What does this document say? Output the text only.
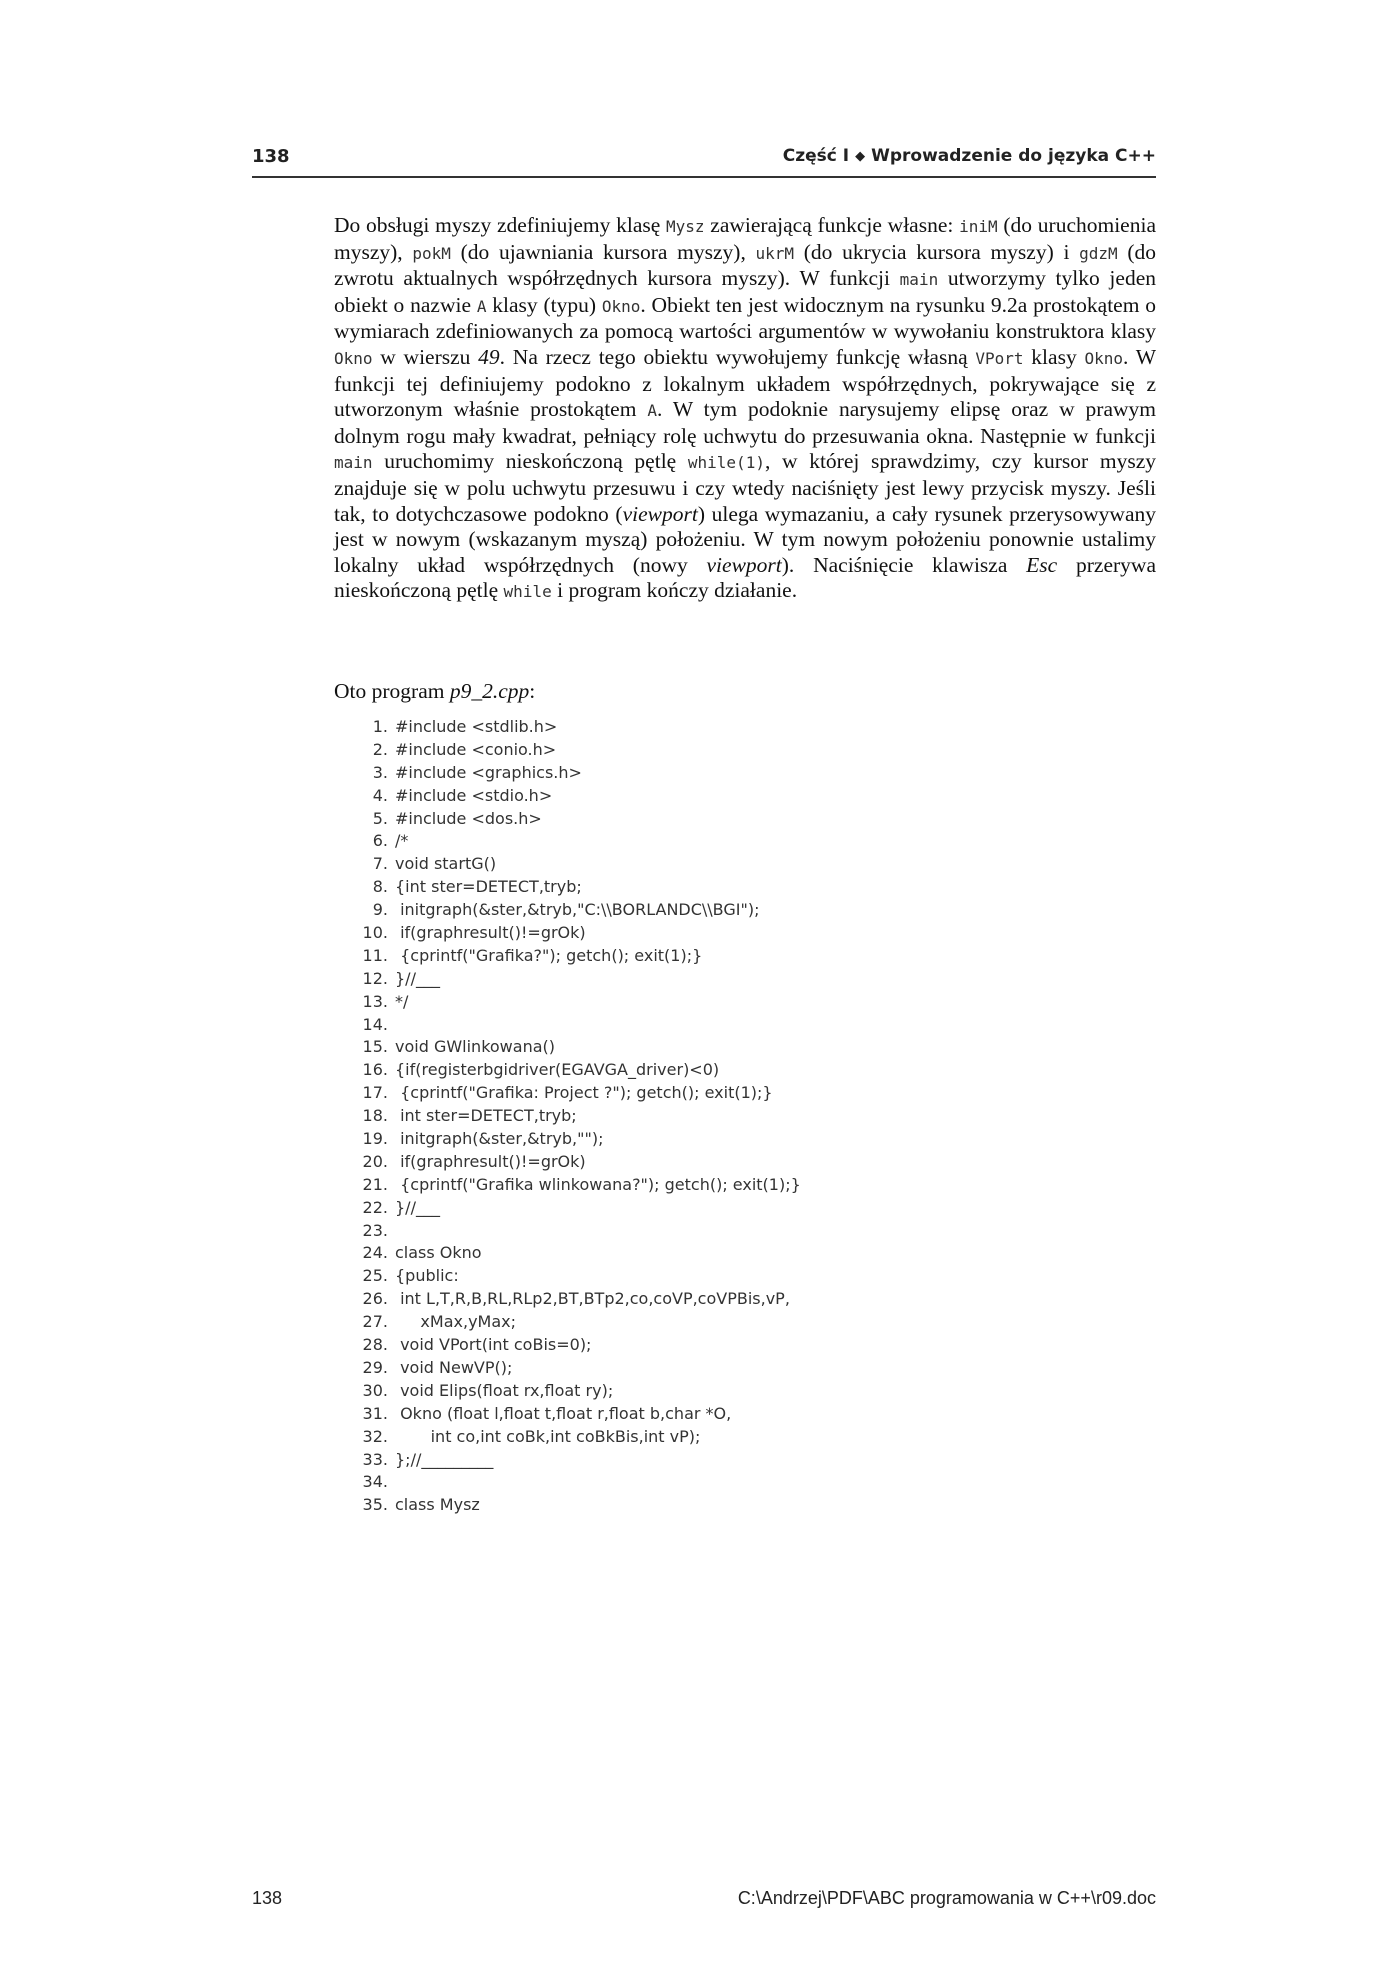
138	Część I ◆ Wprowadzenie do języka C++
Do obsługi myszy zdefiniujemy klasę Mysz zawierającą funkcje własne: iniM (do uruchomienia myszy), pokM (do ujawniania kursora myszy), ukrM (do ukrycia kursora myszy) i gdzM (do zwrotu aktualnych współrzędnych kursora myszy). W funkcji main utworzymy tylko jeden obiekt o nazwie A klasy (typu) Okno. Obiekt ten jest widocznym na rysunku 9.2a prostokątem o wymiarach zdefiniowanych za pomocą wartości argumentów w wywołaniu konstruktora klasy Okno w wierszu 49. Na rzecz tego obiektu wywołujemy funkcję własną VPort klasy Okno. W funkcji tej definiujemy podokno z lokalnym układem współrzędnych, pokrywające się z utworzonym właśnie prostokątem A. W tym podoknie narysujemy elipsę oraz w prawym dolnym rogu mały kwadrat, pełniący rolę uchwytu do przesuwania okna. Następnie w funkcji main uruchomimy nieskończoną pętlę while(1), w której sprawdzimy, czy kursor myszy znajduje się w polu uchwytu przesuwu i czy wtedy naciśnięty jest lewy przycisk myszy. Jeśli tak, to dotychczasowe podokno (viewport) ulega wymazaniu, a cały rysunek przerysowywany jest w nowym (wskazanym myszą) położeniu. W tym nowym położeniu ponownie ustalimy lokalny układ współrzędnych (nowy viewport). Naciśnięcie klawisza Esc przerywa nieskończoną pętlę while i program kończy działanie.
Oto program p9_2.cpp:
1. #include <stdlib.h>
2. #include <conio.h>
3. #include <graphics.h>
4. #include <stdio.h>
5. #include <dos.h>
6. /*
7. void startG()
8. {int ster=DETECT,tryb;
9. initgraph(&ster,&tryb,"C:\\BORLANDC\\BGI");
10. if(graphresult()!=grOk)
11. {cprintf("Grafika?"); getch(); exit(1);}
12. }//___
13. */
14.
15. void GWlinkowana()
16. {if(registerbgidriver(EGAVGA_driver)<0)
17. {cprintf("Grafika: Project ?"); getch(); exit(1);}
18. int ster=DETECT,tryb;
19. initgraph(&ster,&tryb,"");
20. if(graphresult()!=grOk)
21. {cprintf("Grafika wlinkowana?"); getch(); exit(1);}
22. }//___
23.
24. class Okno
25. {public:
26. int L,T,R,B,RL,RLp2,BT,BTp2,co,coVP,coVPBis,vP,
27.     xMax,yMax;
28. void VPort(int coBis=0);
29. void NewVP();
30. void Elips(float rx,float ry);
31. Okno (float l,float t,float r,float b,char *O,
32.       int co,int coBk,int coBkBis,int vP);
33. };//_________
34.
35. class Mysz
138	C:\Andrzej\PDF\ABC programowania w C++\r09.doc
